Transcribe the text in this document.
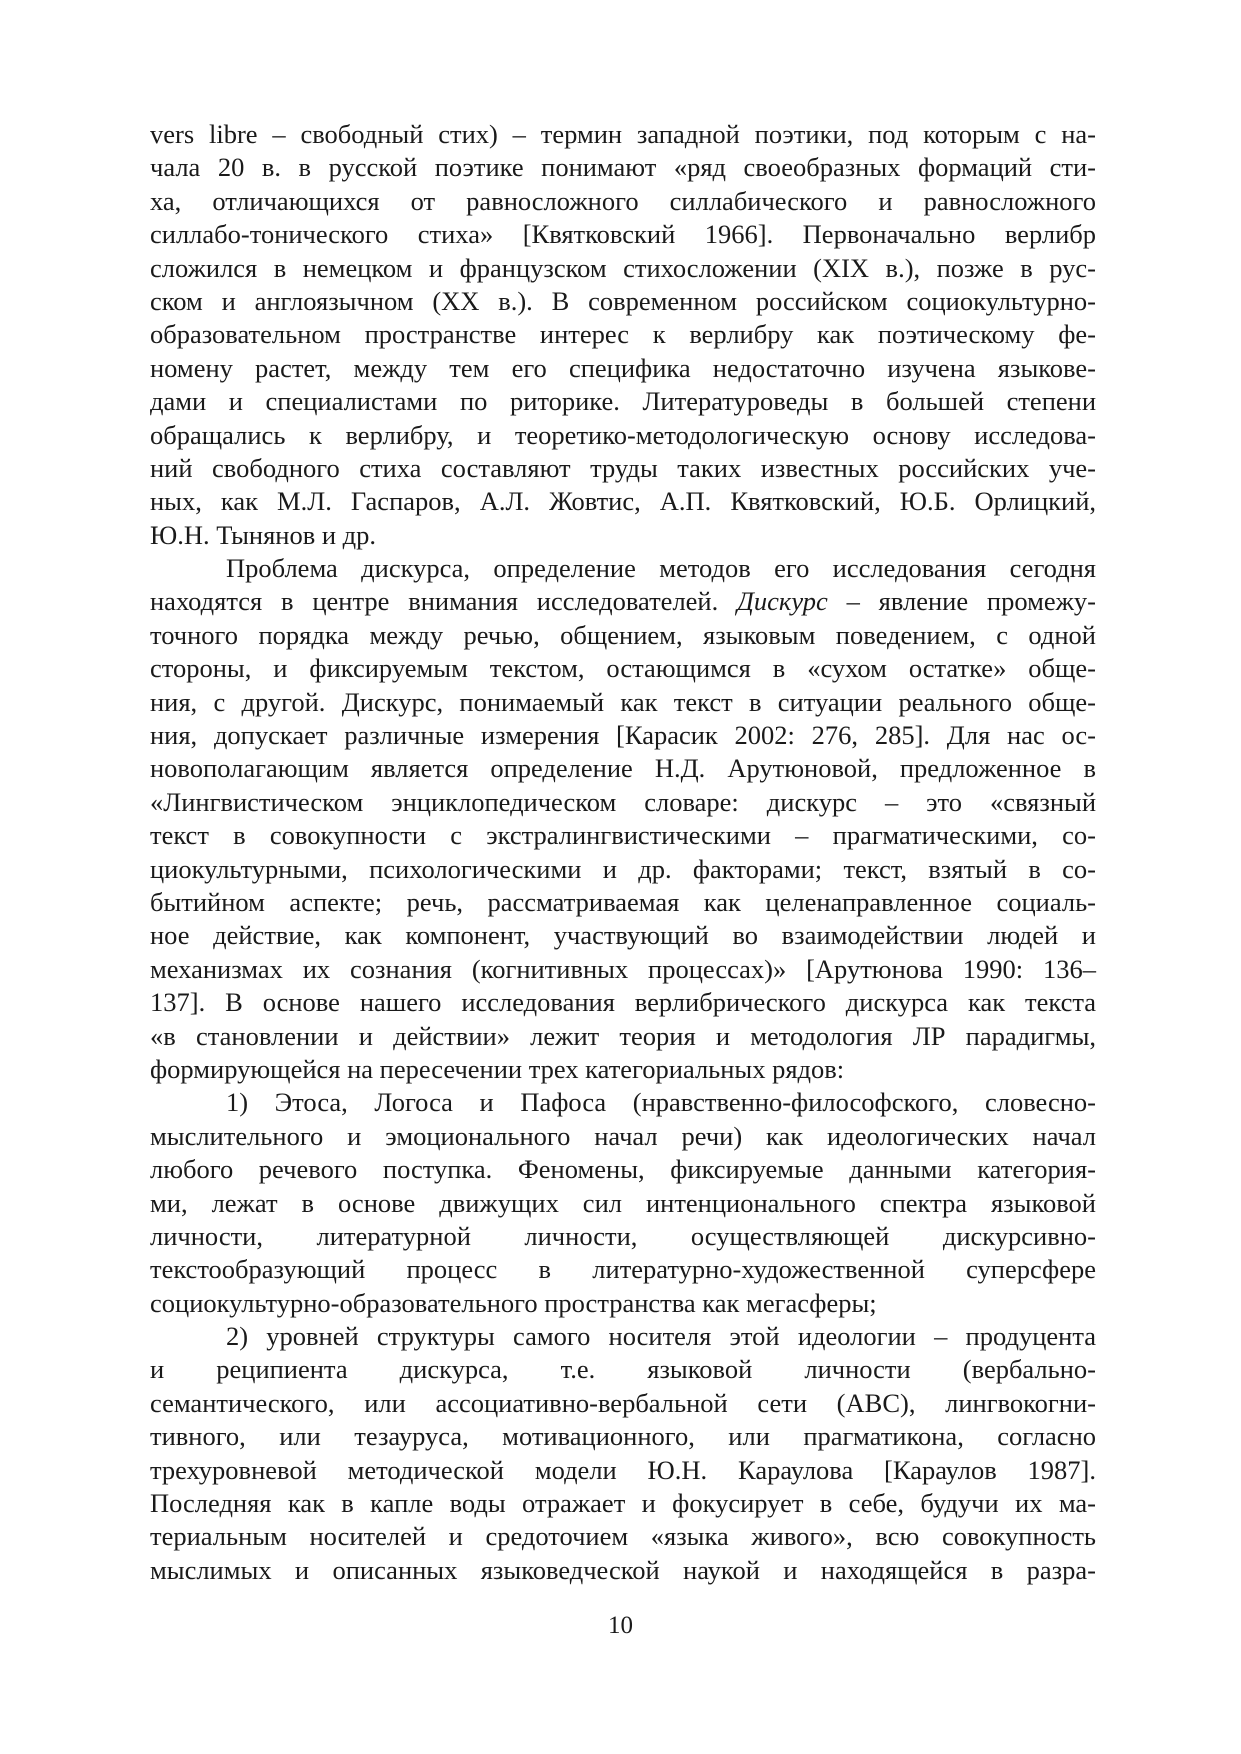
vers libre – свободный стих) – термин западной поэтики, под которым с на-
чала 20 в. в русской поэтике понимают «ряд своеобразных формаций сти-
ха, отличающихся от равносложного силлабического и равносложного
силлабо-тонического стиха» [Квятковский 1966]. Первоначально верлибр
сложился в немецком и французском стихосложении (XIX в.), позже в рус-
ском и англоязычном (XX в.). В современном российском социокультурно-
образовательном пространстве интерес к верлибру как поэтическому фе-
номену растет, между тем его специфика недостаточно изучена языкове-
дами и специалистами по риторике. Литературоведы в большей степени
обращались к верлибру, и теоретико-методологическую основу исследова-
ний свободного стиха составляют труды таких известных российских уче-
ных, как М.Л. Гаспаров, А.Л. Жовтис, А.П. Квятковский, Ю.Б. Орлицкий,
Ю.Н. Тынянов и др.
Проблема дискурса, определение методов его исследования сегодня
находятся в центре внимания исследователей. Дискурс – явление промежу-
точного порядка между речью, общением, языковым поведением, с одной
стороны, и фиксируемым текстом, остающимся в «сухом остатке» обще-
ния, с другой. Дискурс, понимаемый как текст в ситуации реального обще-
ния, допускает различные измерения [Карасик 2002: 276, 285]. Для нас ос-
новополагающим является определение Н.Д. Арутюновой, предложенное в
«Лингвистическом энциклопедическом словаре: дискурс – это «связный
текст в совокупности с экстралингвистическими – прагматическими, со-
циокультурными, психологическими и др. факторами; текст, взятый в со-
бытийном аспекте; речь, рассматриваемая как целенаправленное социаль-
ное действие, как компонент, участвующий во взаимодействии людей и
механизмах их сознания (когнитивных процессах)» [Арутюнова 1990: 136–
137]. В основе нашего исследования верлибрического дискурса как текста
«в становлении и действии» лежит теория и методология ЛР парадигмы,
формирующейся на пересечении трех категориальных рядов:
1) Этоса, Логоса и Пафоса (нравственно-философского, словесно-
мыслительного и эмоционального начал речи) как идеологических начал
любого речевого поступка. Феномены, фиксируемые данными категория-
ми, лежат в основе движущих сил интенционального спектра языковой
личности, литературной личности, осуществляющей дискурсивно-
текстообразующий процесс в литературно-художественной суперсфере
социокультурно-образовательного пространства как мегасферы;
2) уровней структуры самого носителя этой идеологии – продуцента
и реципиента дискурса, т.е. языковой личности (вербально-
семантического, или ассоциативно-вербальной сети (АВС), лингвокогни-
тивного, или тезауруса, мотивационного, или прагматикона, согласно
трехуровневой методической модели Ю.Н. Караулова [Караулов 1987].
Последняя как в капле воды отражает и фокусирует в себе, будучи их ма-
териальным носителей и средоточием «языка живого», всю совокупность
мыслимых и описанных языковедческой наукой и находящейся в разра-
10
